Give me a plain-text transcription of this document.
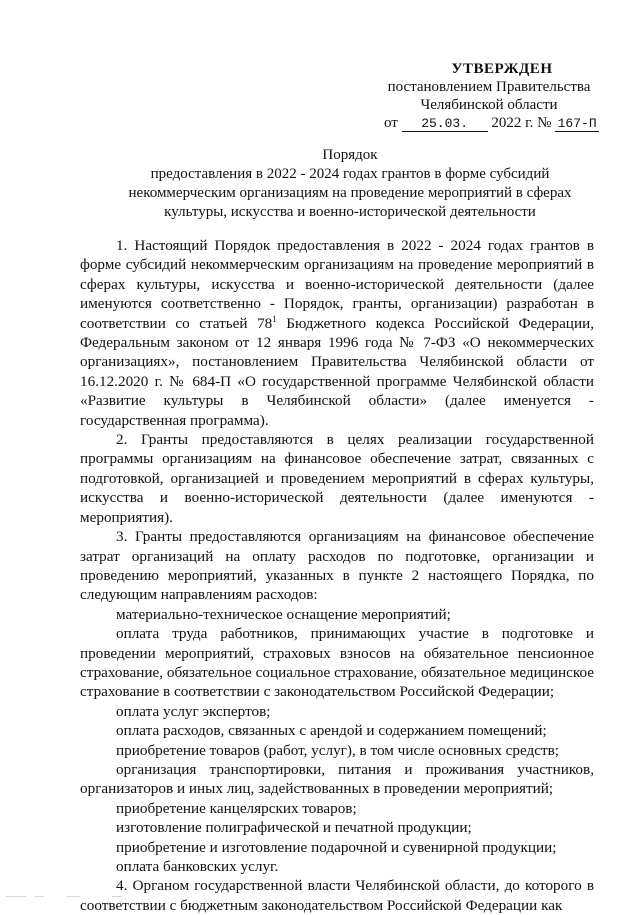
УТВЕРЖДЕН
постановлением Правительства
Челябинской области
от 25.03. 2022 г. № 167-П
Порядок
предоставления в 2022 - 2024 годах грантов в форме субсидий
некоммерческим организациям на проведение мероприятий в сферах
культуры, искусства и военно-исторической деятельности

1. Настоящий Порядок предоставления в 2022 - 2024 годах грантов в форме субсидий некоммерческим организациям на проведение мероприятий в сферах культуры, искусства и военно-исторической деятельности (далее именуются соответственно - Порядок, гранты, организации) разработан в соответствии со статьей $78^1$ Бюджетного кодекса Российской Федерации, Федеральным законом от 12 января 1996 года № 7-ФЗ «О некоммерческих организациях», постановлением Правительства Челябинской области от 16.12.2020 г. № 684-П «О государственной программе Челябинской области «Развитие культуры в Челябинской области» (далее именуется - государственная программа).

2. Гранты предоставляются в целях реализации государственной программы организациям на финансовое обеспечение затрат, связанных с подготовкой, организацией и проведением мероприятий в сферах культуры, искусства и военно-исторической деятельности (далее именуются - мероприятия).

3. Гранты предоставляются организациям на финансовое обеспечение затрат организаций на оплату расходов по подготовке, организации и проведению мероприятий, указанных в пункте 2 настоящего Порядка, по следующим направлениям расходов:

материально-техническое оснащение мероприятий;

оплата труда работников, принимающих участие в подготовке и проведении мероприятий, страховых взносов на обязательное пенсионное страхование, обязательное социальное страхование, обязательное медицинское страхование в соответствии с законодательством Российской Федерации;

оплата услуг экспертов;

оплата расходов, связанных с арендой и содержанием помещений;

приобретение товаров (работ, услуг), в том числе основных средств;

организация транспортировки, питания и проживания участников, организаторов и иных лиц, задействованных в проведении мероприятий;

приобретение канцелярских товаров;

изготовление полиграфической и печатной продукции;

приобретение и изготовление подарочной и сувенирной продукции;

оплата банковских услуг.

4. Органом государственной власти Челябинской области, до которого в соответствии с бюджетным законодательством Российской Федерации как
